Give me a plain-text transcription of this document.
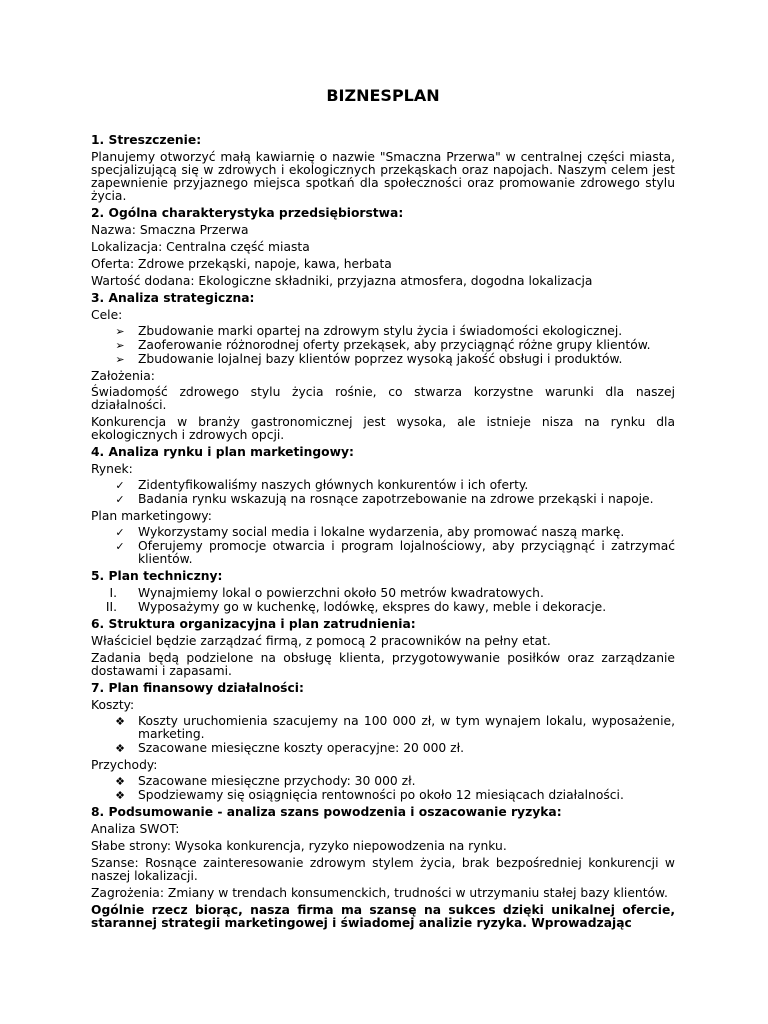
BIZNESPLAN
1. Streszczenie:
Planujemy otworzyć małą kawiarnię o nazwie "Smaczna Przerwa" w centralnej części miasta, specjalizującą się w zdrowych i ekologicznych przekąskach oraz napojach. Naszym celem jest zapewnienie przyjaznego miejsca spotkań dla społeczności oraz promowanie zdrowego stylu życia.
2. Ogólna charakterystyka przedsiębiorstwa:
Nazwa: Smaczna Przerwa
Lokalizacja: Centralna część miasta
Oferta: Zdrowe przekąski, napoje, kawa, herbata
Wartość dodana: Ekologiczne składniki, przyjazna atmosfera, dogodna lokalizacja
3. Analiza strategiczna:
Cele:
➢ Zbudowanie marki opartej na zdrowym stylu życia i świadomości ekologicznej.
➢ Zaoferowanie różnorodnej oferty przekąsek, aby przyciągnąć różne grupy klientów.
➢ Zbudowanie lojalnej bazy klientów poprzez wysoką jakość obsługi i produktów.
Założenia:
Świadomość zdrowego stylu życia rośnie, co stwarza korzystne warunki dla naszej działalności.
Konkurencja w branży gastronomicznej jest wysoka, ale istnieje nisza na rynku dla ekologicznych i zdrowych opcji.
4. Analiza rynku i plan marketingowy:
Rynek:
✓ Zidentyfikowaliśmy naszych głównych konkurentów i ich oferty.
✓ Badania rynku wskazują na rosnące zapotrzebowanie na zdrowe przekąski i napoje.
Plan marketingowy:
✓ Wykorzystamy social media i lokalne wydarzenia, aby promować naszą markę.
✓ Oferujemy promocje otwarcia i program lojalnościowy, aby przyciągnąć i zatrzymać klientów.
5. Plan techniczny:
I. Wynajmiemy lokal o powierzchni około 50 metrów kwadratowych.
II. Wyposażymy go w kuchenkę, lodówkę, ekspres do kawy, meble i dekoracje.
6. Struktura organizacyjna i plan zatrudnienia:
Właściciel będzie zarządzać firmą, z pomocą 2 pracowników na pełny etat.
Zadania będą podzielone na obsługę klienta, przygotowywanie posiłków oraz zarządzanie dostawami i zapasami.
7. Plan finansowy działalności:
Koszty:
❖ Koszty uruchomienia szacujemy na 100 000 zł, w tym wynajem lokalu, wyposażenie, marketing.
❖ Szacowane miesięczne koszty operacyjne: 20 000 zł.
Przychody:
❖ Szacowane miesięczne przychody: 30 000 zł.
❖ Spodziewamy się osiągnięcia rentowności po około 12 miesiącach działalności.
8. Podsumowanie - analiza szans powodzenia i oszacowanie ryzyka:
Analiza SWOT:
Słabe strony: Wysoka konkurencja, ryzyko niepowodzenia na rynku.
Szanse: Rosnące zainteresowanie zdrowym stylem życia, brak bezpośredniej konkurencji w naszej lokalizacji.
Zagrożenia: Zmiany w trendach konsumenckich, trudności w utrzymaniu stałej bazy klientów.
Ogólnie rzecz biorąc, nasza firma ma szansę na sukces dzięki unikalnej ofercie, starannej strategii marketingowej i świadomej analizie ryzyka. Wprowadzając
